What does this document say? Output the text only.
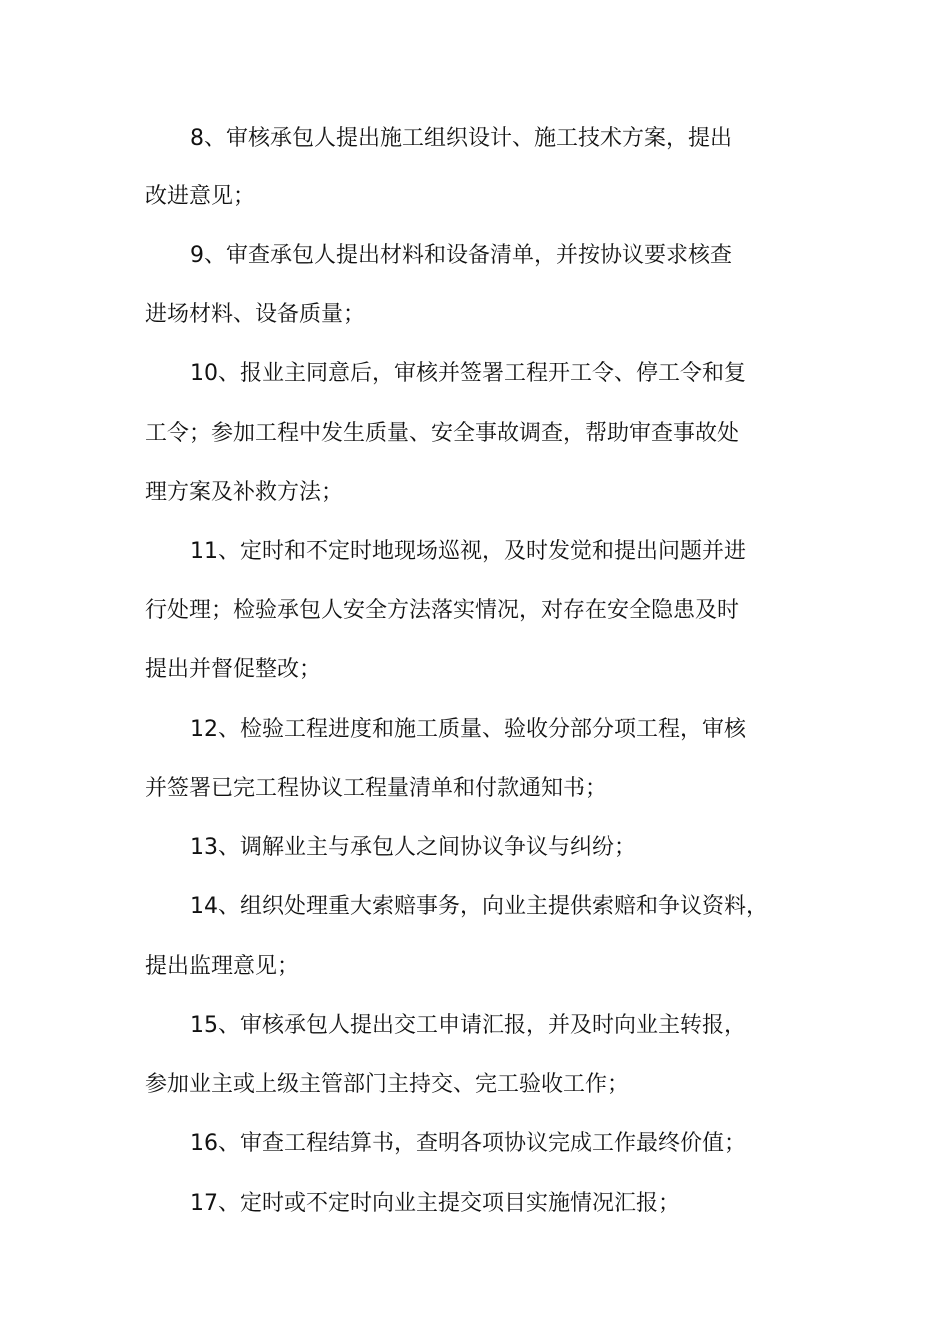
8、审核承包人提出施工组织设计、施工技术方案，提出

改进意见；

9、审查承包人提出材料和设备清单，并按协议要求核查

进场材料、设备质量；

10、报业主同意后，审核并签署工程开工令、停工令和复

工令；参加工程中发生质量、安全事故调查，帮助审查事故处

理方案及补救方法；

11、定时和不定时地现场巡视，及时发觉和提出问题并进

行处理；检验承包人安全方法落实情况，对存在安全隐患及时

提出并督促整改；

12、检验工程进度和施工质量、验收分部分项工程，审核

并签署已完工程协议工程量清单和付款通知书；

13、调解业主与承包人之间协议争议与纠纷；

14、组织处理重大索赔事务，向业主提供索赔和争议资料，

提出监理意见；

15、审核承包人提出交工申请汇报，并及时向业主转报，

参加业主或上级主管部门主持交、完工验收工作；

16、审查工程结算书，查明各项协议完成工作最终价值；

17、定时或不定时向业主提交项目实施情况汇报；
